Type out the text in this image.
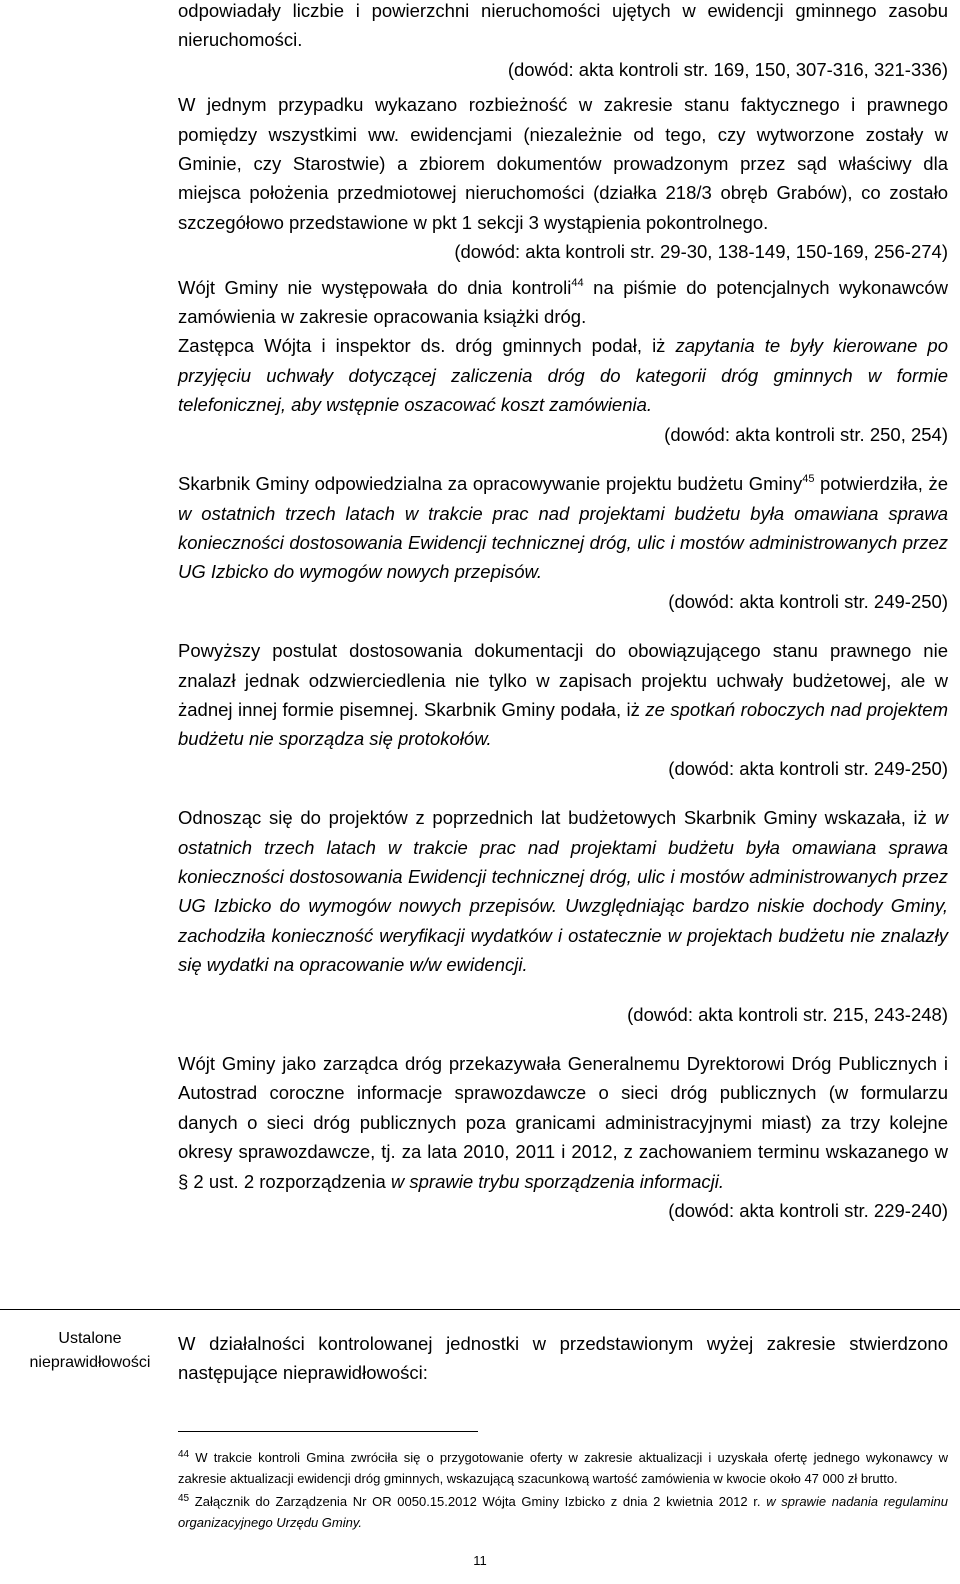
odpowiadały liczbie i powierzchni nieruchomości ujętych w ewidencji gminnego zasobu nieruchomości.

(dowód: akta kontroli str. 169, 150, 307-316, 321-336)

W jednym przypadku wykazano rozbieżność w zakresie stanu faktycznego i prawnego pomiędzy wszystkimi ww. ewidencjami (niezależnie od tego, czy wytworzone zostały w Gminie, czy Starostwie) a zbiorem dokumentów prowadzonym przez sąd właściwy dla miejsca położenia przedmiotowej nieruchomości (działka 218/3 obręb Grabów), co zostało szczegółowo przedstawione w pkt 1 sekcji 3 wystąpienia pokontrolnego.

(dowód: akta kontroli str. 29-30, 138-149, 150-169, 256-274)

Wójt Gminy nie występowała do dnia kontroli$^{44}$ na piśmie do potencjalnych wykonawców zamówienia w zakresie opracowania książki dróg.

Zastępca Wójta i inspektor ds. dróg gminnych podał, iż zapytania te były kierowane po przyjęciu uchwały dotyczącej zaliczenia dróg do kategorii dróg gminnych w formie telefonicznej, aby wstępnie oszacować koszt zamówienia.

(dowód: akta kontroli str. 250, 254)

Skarbnik Gminy odpowiedzialna za opracowywanie projektu budżetu Gminy$^{45}$ potwierdziła, że w ostatnich trzech latach w trakcie prac nad projektami budżetu była omawiana sprawa konieczności dostosowania Ewidencji technicznej dróg, ulic i mostów administrowanych przez UG Izbicko do wymogów nowych przepisów.

(dowód: akta kontroli str. 249-250)

Powyższy postulat dostosowania dokumentacji do obowiązującego stanu prawnego nie znalazł jednak odzwierciedlenia nie tylko w zapisach projektu uchwały budżetowej, ale w żadnej innej formie pisemnej. Skarbnik Gminy podała, iż ze spotkań roboczych nad projektem budżetu nie sporządza się protokołów.

(dowód: akta kontroli str. 249-250)

Odnosząc się do projektów z poprzednich lat budżetowych Skarbnik Gminy wskazała, iż w ostatnich trzech latach w trakcie prac nad projektami budżetu była omawiana sprawa konieczności dostosowania Ewidencji technicznej dróg, ulic i mostów administrowanych przez UG Izbicko do wymogów nowych przepisów. Uwzględniając bardzo niskie dochody Gminy, zachodziła konieczność weryfikacji wydatków i ostatecznie w projektach budżetu nie znalazły się wydatki na opracowanie w/w ewidencji.

(dowód: akta kontroli str. 215, 243-248)

Wójt Gminy jako zarządca dróg przekazywała Generalnemu Dyrektorowi Dróg Publicznych i Autostrad coroczne informacje sprawozdawcze o sieci dróg publicznych (w formularzu danych o sieci dróg publicznych poza granicami administracyjnymi miast) za trzy kolejne okresy sprawozdawcze, tj. za lata 2010, 2011 i 2012, z zachowaniem terminu wskazanego w § 2 ust. 2 rozporządzenia w sprawie trybu sporządzenia informacji.

(dowód: akta kontroli str. 229-240)

Ustalone nieprawidłowości

W działalności kontrolowanej jednostki w przedstawionym wyżej zakresie stwierdzono następujące nieprawidłowości:

$^{44}$ W trakcie kontroli Gmina zwróciła się o przygotowanie oferty w zakresie aktualizacji i uzyskała ofertę jednego wykonawcy w zakresie aktualizacji ewidencji dróg gminnych, wskazującą szacunkową wartość zamówienia w kwocie około 47 000 zł brutto.

$^{45}$ Załącznik do Zarządzenia Nr OR 0050.15.2012 Wójta Gminy Izbicko z dnia 2 kwietnia 2012 r. w sprawie nadania regulaminu organizacyjnego Urzędu Gminy.

11
